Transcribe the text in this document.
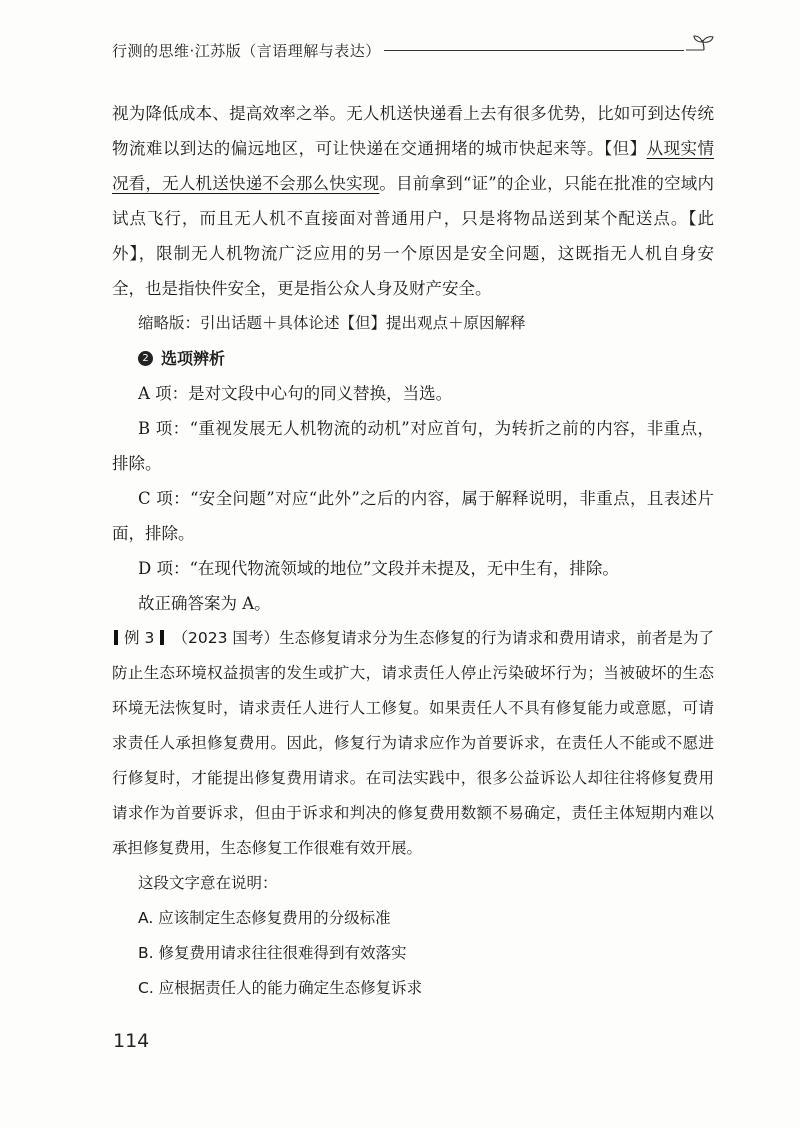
行测的思维·江苏版（言语理解与表达）

视为降低成本、提高效率之举。无人机送快递看上去有很多优势，比如可到达传统物流难以到达的偏远地区，可让快递在交通拥堵的城市快起来等。【但】从现实情况看，无人机送快递不会那么快实现。目前拿到“证”的企业，只能在批准的空域内试点飞行，而且无人机不直接面对普通用户，只是将物品送到某个配送点。【此外】，限制无人机物流广泛应用的另一个原因是安全问题，这既指无人机自身安全，也是指快件安全，更是指公众人身及财产安全。

缩略版：引出话题＋具体论述【但】提出观点＋原因解释

2 选项辨析

A 项：是对文段中心句的同义替换，当选。

B 项：“重视发展无人机物流的动机”对应首句，为转折之前的内容，非重点，排除。

C 项：“安全问题”对应“此外”之后的内容，属于解释说明，非重点，且表述片面，排除。

D 项：“在现代物流领域的地位”文段并未提及，无中生有，排除。

故正确答案为 A。

例 3 （2023 国考）生态修复请求分为生态修复的行为请求和费用请求，前者是为了防止生态环境权益损害的发生或扩大，请求责任人停止污染破坏行为；当被破坏的生态环境无法恢复时，请求责任人进行人工修复。如果责任人不具有修复能力或意愿，可请求责任人承担修复费用。因此，修复行为请求应作为首要诉求，在责任人不能或不愿进行修复时，才能提出修复费用请求。在司法实践中，很多公益诉讼人却往往将修复费用请求作为首要诉求，但由于诉求和判决的修复费用数额不易确定，责任主体短期内难以承担修复费用，生态修复工作很难有效开展。

这段文字意在说明：

A. 应该制定生态修复费用的分级标准

B. 修复费用请求往往很难得到有效落实

C. 应根据责任人的能力确定生态修复诉求

114
